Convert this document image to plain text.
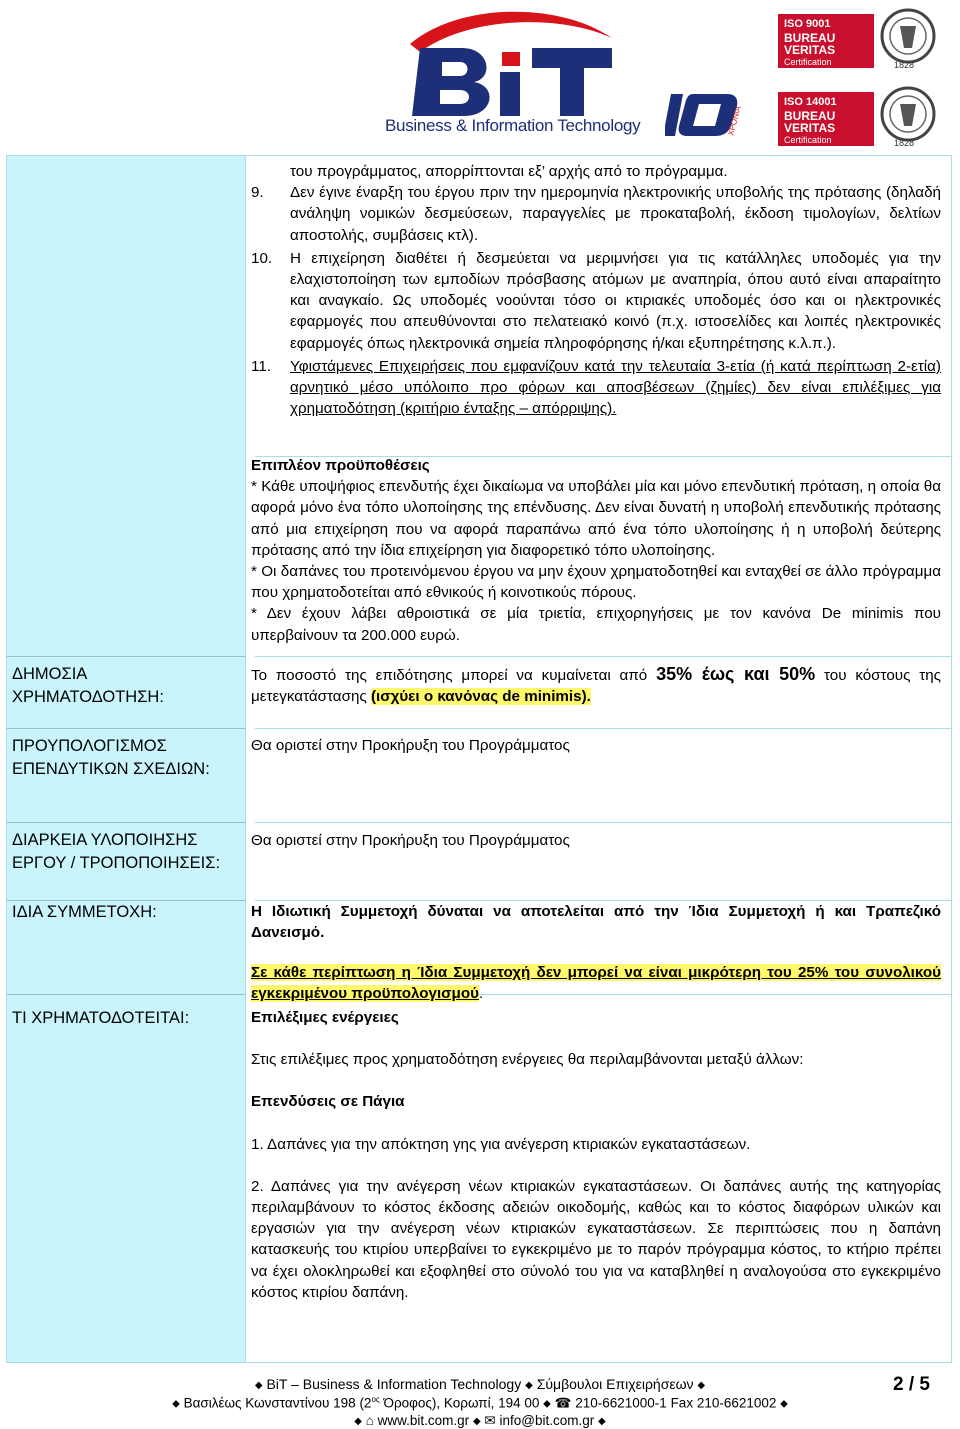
Business & Information Technology	ΧΡΟΝΙΑ
ISO 9001
BUREAU VERITAS
Certification	1828
ISO 14001
BUREAU VERITAS
Certification	1828
του προγράμματος, απορρίπτονται εξ’ αρχής από το πρόγραμμα.
9. Δεν έγινε έναρξη του έργου πριν την ημερομηνία ηλεκτρονικής υποβολής της πρότασης (δηλαδή ανάληψη νομικών δεσμεύσεων, παραγγελίες με προκαταβολή, έκδοση τιμολογίων, δελτίων αποστολής, συμβάσεις κτλ).
10. Η επιχείρηση διαθέτει ή δεσμεύεται να μεριμνήσει για τις κατάλληλες υποδομές για την ελαχιστοποίηση των εμποδίων πρόσβασης ατόμων με αναπηρία, όπου αυτό είναι απαραίτητο και αναγκαίο. Ως υποδομές νοούνται τόσο οι κτιριακές υποδομές όσο και οι ηλεκτρονικές εφαρμογές που απευθύνονται στο πελατειακό κοινό (π.χ. ιστοσελίδες και λοιπές ηλεκτρονικές εφαρμογές όπως ηλεκτρονικά σημεία πληροφόρησης ή/και εξυπηρέτησης κ.λ.π.).
11. Υφιστάμενες Επιχειρήσεις που εμφανίζουν κατά την τελευταία 3-ετία (ή κατά περίπτωση 2-ετία) αρνητικό μέσο υπόλοιπο προ φόρων και αποσβέσεων (ζημίες) δεν είναι επιλέξιμες για χρηματοδότηση (κριτήριο ένταξης – απόρριψης).

Επιπλέον προϋποθέσεις

* Κάθε υποψήφιος επενδυτής έχει δικαίωμα να υποβάλει μία και μόνο επενδυτική πρόταση, η οποία θα αφορά μόνο ένα τόπο υλοποίησης της επένδυσης. Δεν είναι δυνατή η υποβολή επενδυτικής πρότασης από μια επιχείρηση που να αφορά παραπάνω από ένα τόπο υλοποίησης ή η υποβολή δεύτερης πρότασης από την ίδια επιχείρηση για διαφορετικό τόπο υλοποίησης.

* Οι δαπάνες του προτεινόμενου έργου να μην έχουν χρηματοδοτηθεί και ενταχθεί σε άλλο πρόγραμμα που χρηματοδοτείται από εθνικούς ή κοινοτικούς πόρους.

* Δεν έχουν λάβει αθροιστικά σε μία τριετία, επιχορηγήσεις με τον κανόνα De minimis που υπερβαίνουν τα 200.000 ευρώ.

ΔΗΜΟΣΙΑ ΧΡΗΜΑΤΟΔΟΤΗΣΗ:

Το ποσοστό της επιδότησης μπορεί να κυμαίνεται από 35% έως και 50% του κόστους της μετεγκατάστασης (ισχύει ο κανόνας de minimis).

ΠΡΟΥΠΟΛΟΓΙΣΜΟΣ ΕΠΕΝΔΥΤΙΚΩΝ ΣΧΕΔΙΩΝ:
Θα οριστεί στην Προκήρυξη του Προγράμματος
ΔΙΑΡΚΕΙΑ ΥΛΟΠΟΙΗΣΗΣ ΕΡΓΟΥ / ΤΡΟΠΟΠΟΙΗΣΕΙΣ:
Θα οριστεί στην Προκήρυξη του Προγράμματος
ΙΔΙΑ ΣΥΜΜΕΤΟΧΗ:	Η Ιδιωτική Συμμετοχή δύναται να αποτελείται από την Ίδια Συμμετοχή ή και Τραπεζικό Δανεισμό.

Σε κάθε περίπτωση η Ίδια Συμμετοχή δεν μπορεί να είναι μικρότερη του 25% του συνολικού εγκεκριμένου προϋπολογισμού.

ΤΙ ΧΡΗΜΑΤΟΔΟΤΕΙΤΑΙ:	Επιλέξιμες ενέργειες

Στις επιλέξιμες προς χρηματοδότηση ενέργειες θα περιλαμβάνονται μεταξύ άλλων:

Επενδύσεις σε Πάγια

1. Δαπάνες για την απόκτηση γης για ανέγερση κτιριακών εγκαταστάσεων.

2. Δαπάνες για την ανέγερση νέων κτιριακών εγκαταστάσεων. Οι δαπάνες αυτής της κατηγορίας περιλαμβάνουν το κόστος έκδοσης αδειών οικοδομής, καθώς και το κόστος διαφόρων υλικών και εργασιών για την ανέγερση νέων κτιριακών εγκαταστάσεων. Σε περιπτώσεις που η δαπάνη κατασκευής του κτιρίου υπερβαίνει το εγκεκριμένο με το παρόν πρόγραμμα κόστος, το κτήριο πρέπει να έχει ολοκληρωθεί και εξοφληθεί στο σύνολό του για να καταβληθεί η αναλογούσα στο εγκεκριμένο κόστος κτιρίου δαπάνη.

◆ BiT – Business & Information Technology ◆ Σύμβουλοι Επιχειρήσεων ◆	2 / 5
◆ Βασιλέως Κωνσταντίνου 198 ($2^{o\varsigma}$ Όροφος), Κορωπί, 194 00 ◆ ☎ 210-6621000-1 Fax 210-6621002 ◆
◆ ⌂ www.bit.com.gr ◆ ✉ info@bit.com.gr ◆
